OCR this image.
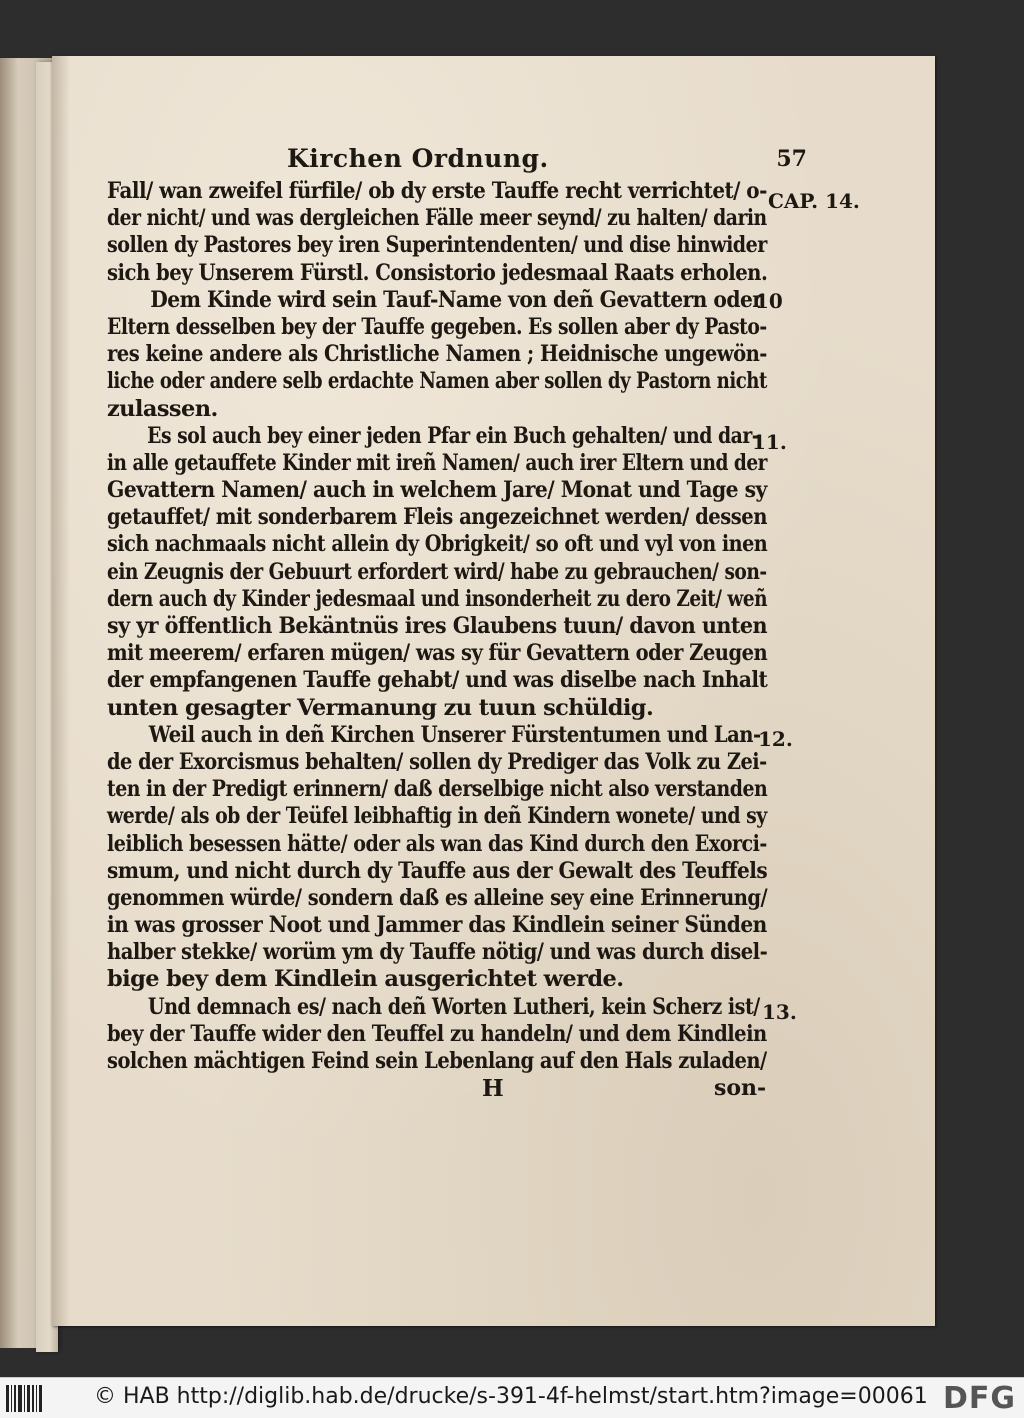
Kirchen Ordnung.	57
Fall/ wan zweifel fürfile/ ob dy erste Tauffe recht verrichtet/ o-
der nicht/ und was dergleichen Fälle meer seynd/ zu halten/ darin
sollen dy Pastores bey iren Superintendenten/ und dise hinwider
sich bey Unserem Fürstl. Consistorio jedesmaal Raats erholen.
Dem Kinde wird sein Tauf-Name von deñ Gevattern oder
Eltern desselben bey der Tauffe gegeben. Es sollen aber dy Pasto-
res keine andere als Christliche Namen ; Heidnische ungewön-
liche oder andere selb erdachte Namen aber sollen dy Pastorn nicht
zulassen.
Es sol auch bey einer jeden Pfar ein Buch gehalten/ und dar-
in alle getauffete Kinder mit ireñ Namen/ auch irer Eltern und der
Gevattern Namen/ auch in welchem Jare/ Monat und Tage sy
getauffet/ mit sonderbarem Fleis angezeichnet werden/ dessen
sich nachmaals nicht allein dy Obrigkeit/ so oft und vyl von inen
ein Zeugnis der Gebuurt erfordert wird/ habe zu gebrauchen/ son-
dern auch dy Kinder jedesmaal und insonderheit zu dero Zeit/ weñ
sy yr öffentlich Bekäntnüs ires Glaubens tuun/ davon unten
mit meerem/ erfaren mügen/ was sy für Gevattern oder Zeugen
der empfangenen Tauffe gehabt/ und was diselbe nach Inhalt
unten gesagter Vermanung zu tuun schüldig.
Weil auch in deñ Kirchen Unserer Fürstentumen und Lan-
de der Exorcismus behalten/ sollen dy Prediger das Volk zu Zei-
ten in der Predigt erinnern/ daß derselbige nicht also verstanden
werde/ als ob der Teüfel leibhaftig in deñ Kindern wonete/ und sy
leiblich besessen hätte/ oder als wan das Kind durch den Exorci-
smum, und nicht durch dy Tauffe aus der Gewalt des Teuffels
genommen würde/ sondern daß es alleine sey eine Erinnerung/
in was grosser Noot und Jammer das Kindlein seiner Sünden
halber stekke/ worüm ym dy Tauffe nötig/ und was durch disel-
bige bey dem Kindlein ausgerichtet werde.
Und demnach es/ nach deñ Worten Lutheri, kein Scherz ist/
bey der Tauffe wider den Teuffel zu handeln/ und dem Kindlein
solchen mächtigen Feind sein Lebenlang auf den Hals zuladen/
H	son-
CAP. 14.
10
11.
12.
13.
© HAB http://diglib.hab.de/drucke/s-391-4f-helmst/start.htm?image=00061 DFG
